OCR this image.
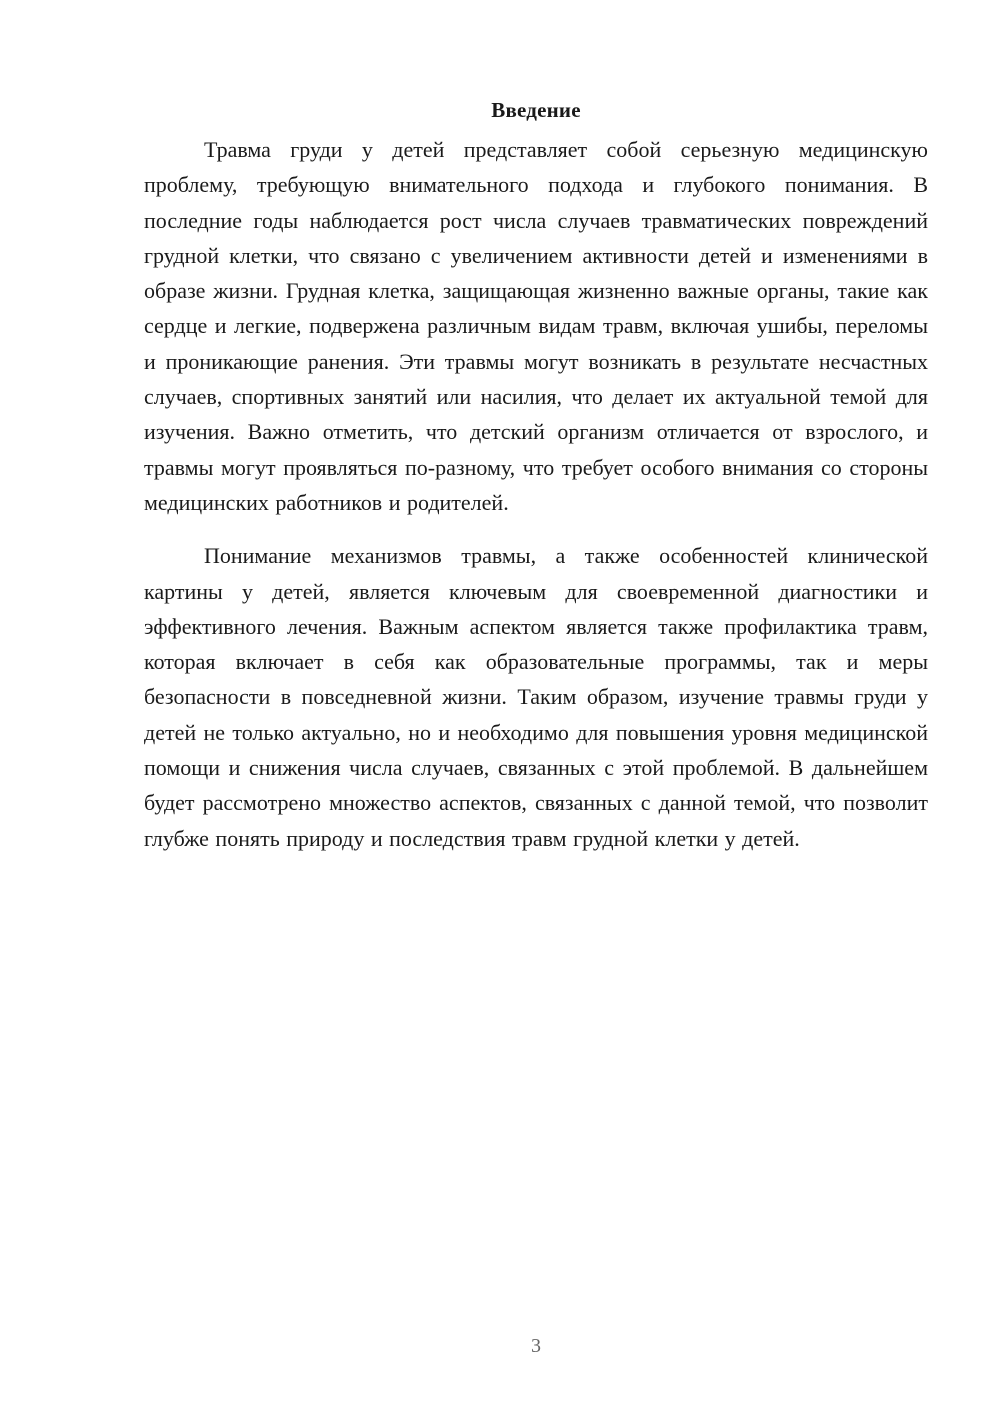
Введение

Травма груди у детей представляет собой серьезную медицинскую проблему, требующую внимательного подхода и глубокого понимания. В последние годы наблюдается рост числа случаев травматических повреждений грудной клетки, что связано с увеличением активности детей и изменениями в образе жизни. Грудная клетка, защищающая жизненно важные органы, такие как сердце и легкие, подвержена различным видам травм, включая ушибы, переломы и проникающие ранения. Эти травмы могут возникать в результате несчастных случаев, спортивных занятий или насилия, что делает их актуальной темой для изучения. Важно отметить, что детский организм отличается от взрослого, и травмы могут проявляться по-разному, что требует особого внимания со стороны медицинских работников и родителей.

Понимание механизмов травмы, а также особенностей клинической картины у детей, является ключевым для своевременной диагностики и эффективного лечения. Важным аспектом является также профилактика травм, которая включает в себя как образовательные программы, так и меры безопасности в повседневной жизни. Таким образом, изучение травмы груди у детей не только актуально, но и необходимо для повышения уровня медицинской помощи и снижения числа случаев, связанных с этой проблемой. В дальнейшем будет рассмотрено множество аспектов, связанных с данной темой, что позволит глубже понять природу и последствия травм грудной клетки у детей.

3
